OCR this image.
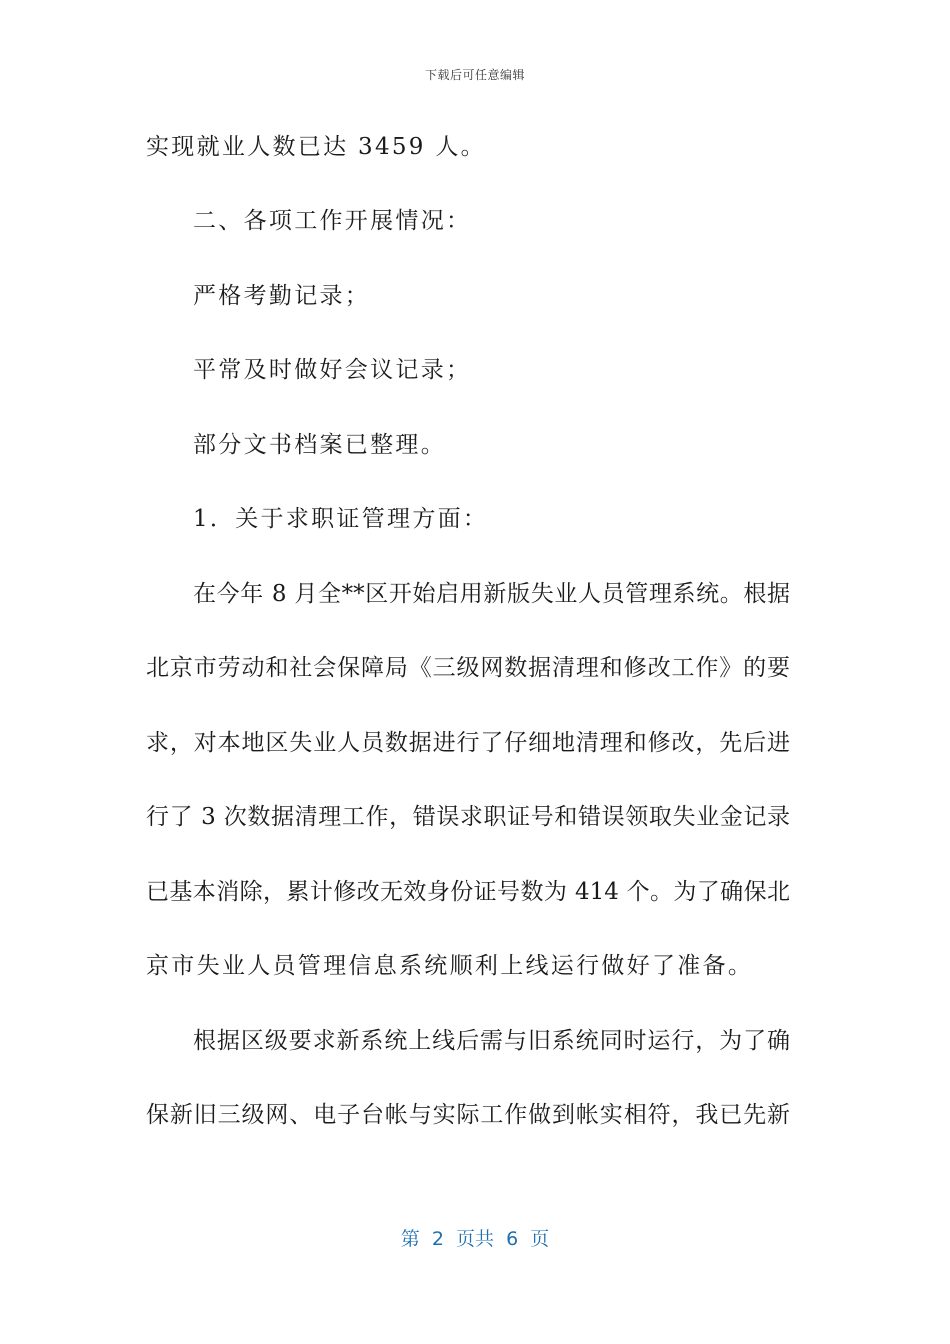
下载后可任意编辑
实现就业人数已达 3459 人。
二、各项工作开展情况：
严格考勤记录；
平常及时做好会议记录；
部分文书档案已整理。
1．关于求职证管理方面：
在今年 8 月全**区开始启用新版失业人员管理系统。根据
北京市劳动和社会保障局《三级网数据清理和修改工作》的要
求，对本地区失业人员数据进行了仔细地清理和修改，先后进
行了 3 次数据清理工作，错误求职证号和错误领取失业金记录
已基本消除，累计修改无效身份证号数为 414 个。为了确保北
京市失业人员管理信息系统顺利上线运行做好了准备。
根据区级要求新系统上线后需与旧系统同时运行，为了确
保新旧三级网、电子台帐与实际工作做到帐实相符，我已先新
第  2  页共  6  页
